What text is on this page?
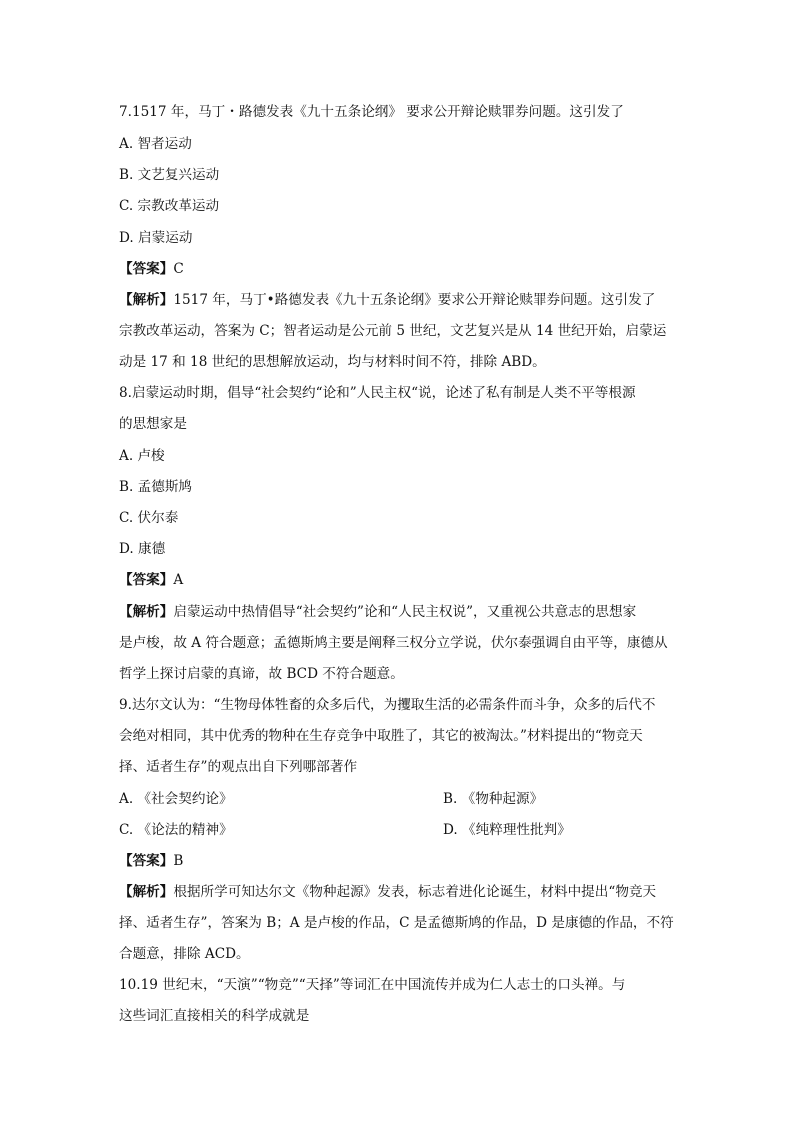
7.1517 年，马丁・路德发表《九十五条论纲》 要求公开辩论赎罪券问题。这引发了
A. 智者运动
B. 文艺复兴运动
C. 宗教改革运动
D. 启蒙运动
【答案】C
【解析】1517 年，马丁•路德发表《九十五条论纲》要求公开辩论赎罪券问题。这引发了
宗教改革运动，答案为 C；智者运动是公元前 5 世纪，文艺复兴是从 14 世纪开始，启蒙运
动是 17 和 18 世纪的思想解放运动，均与材料时间不符，排除 ABD。
8.启蒙运动时期，倡导“社会契约“论和”人民主权“说，论述了私有制是人类不平等根源
的思想家是
A. 卢梭
B. 孟德斯鸠
C. 伏尔泰
D. 康德
【答案】A
【解析】启蒙运动中热情倡导“社会契约”论和“人民主权说”，又重视公共意志的思想家
是卢梭，故 A 符合题意；孟德斯鸠主要是阐释三权分立学说，伏尔泰强调自由平等，康德从
哲学上探讨启蒙的真谛，故 BCD 不符合题意。
9.达尔文认为：“生物母体牲畜的众多后代，为攫取生活的必需条件而斗争，众多的后代不
会绝对相同，其中优秀的物种在生存竞争中取胜了，其它的被淘汰。”材料提出的“物竞天
择、适者生存”的观点出自下列哪部著作
A. 《社会契约论》	B. 《物种起源》
C. 《论法的精神》	D. 《纯粹理性批判》
【答案】B
【解析】根据所学可知达尔文《物种起源》发表，标志着进化论诞生，材料中提出“物竞天
择、适者生存”，答案为 B；A 是卢梭的作品，C 是孟德斯鸠的作品，D 是康德的作品，不符
合题意，排除 ACD。
10.19 世纪末，“天演”“物竞”“天择”等词汇在中国流传并成为仁人志士的口头禅。与
这些词汇直接相关的科学成就是
